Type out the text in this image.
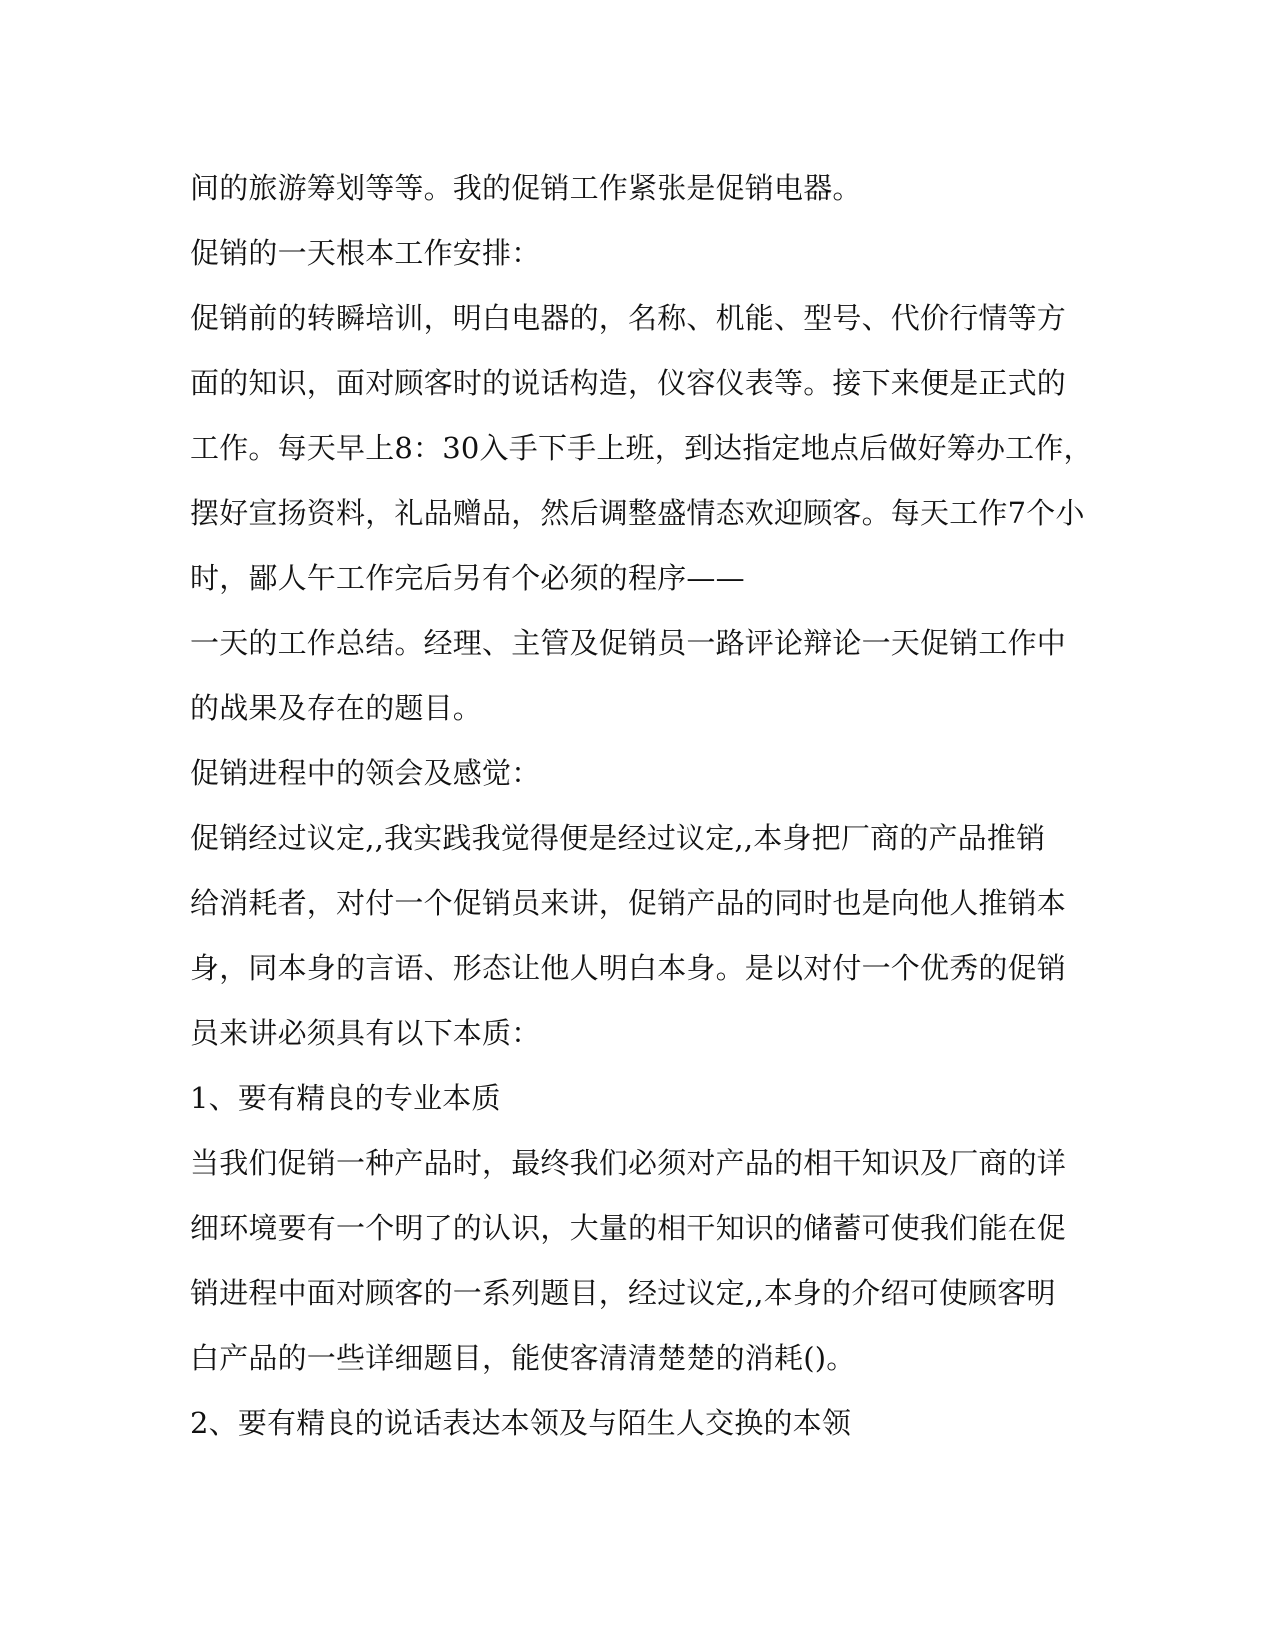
间的旅游筹划等等。我的促销工作紧张是促销电器。
促销的一天根本工作安排：
促销前的转瞬培训，明白电器的，名称、机能、型号、代价行情等方
面的知识，面对顾客时的说话构造，仪容仪表等。接下来便是正式的
工作。每天早上8：30入手下手上班，到达指定地点后做好筹办工作，
摆好宣扬资料，礼品赠品，然后调整盛情态欢迎顾客。每天工作7个小
时，鄙人午工作完后另有个必须的程序——
一天的工作总结。经理、主管及促销员一路评论辩论一天促销工作中
的战果及存在的题目。
促销进程中的领会及感觉：
促销经过议定,,我实践我觉得便是经过议定,,本身把厂商的产品推销
给消耗者，对付一个促销员来讲，促销产品的同时也是向他人推销本
身，同本身的言语、形态让他人明白本身。是以对付一个优秀的促销
员来讲必须具有以下本质：
1、要有精良的专业本质
当我们促销一种产品时，最终我们必须对产品的相干知识及厂商的详
细环境要有一个明了的认识，大量的相干知识的储蓄可使我们能在促
销进程中面对顾客的一系列题目，经过议定,,本身的介绍可使顾客明
白产品的一些详细题目，能使客清清楚楚的消耗()。
2、要有精良的说话表达本领及与陌生人交换的本领
